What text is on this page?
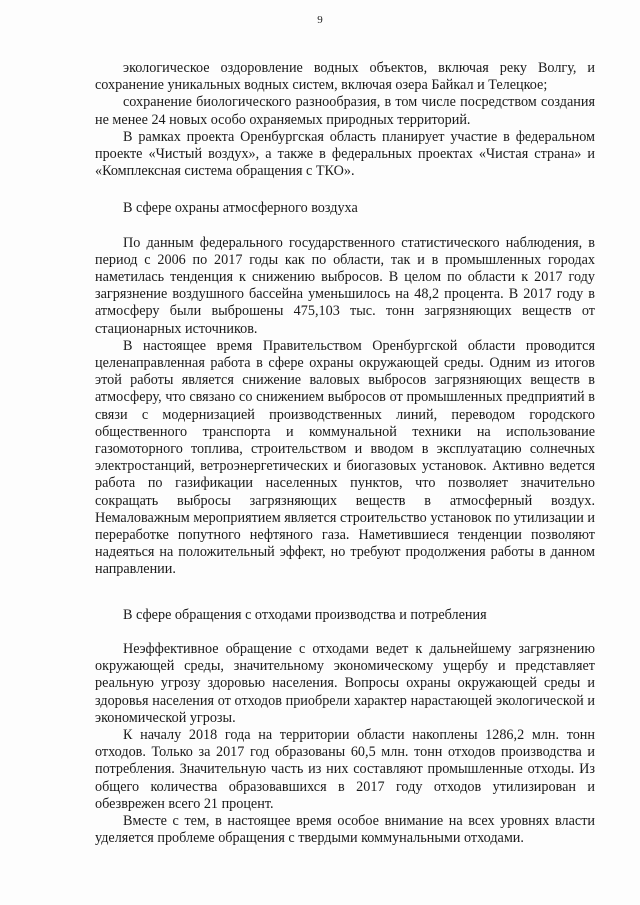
9

экологическое оздоровление водных объектов, включая реку Волгу, и сохранение уникальных водных систем, включая озера Байкал и Телецкое;

сохранение биологического разнообразия, в том числе посредством создания не менее 24 новых особо охраняемых природных территорий.

В рамках проекта Оренбургская область планирует участие в федеральном проекте «Чистый воздух», а также в федеральных проектах «Чистая страна» и «Комплексная система обращения с ТКО».

В сфере охраны атмосферного воздуха

По данным федерального государственного статистического наблюдения, в период с 2006 по 2017 годы как по области, так и в промышленных городах наметилась тенденция к снижению выбросов. В целом по области к 2017 году загрязнение воздушного бассейна уменьшилось на 48,2 процента. В 2017 году в атмосферу были выброшены 475,103 тыс. тонн загрязняющих веществ от стационарных источников.

В настоящее время Правительством Оренбургской области проводится целенаправленная работа в сфере охраны окружающей среды. Одним из итогов этой работы является снижение валовых выбросов загрязняющих веществ в атмосферу, что связано со снижением выбросов от промышленных предприятий в связи с модернизацией производственных линий, переводом городского общественного транспорта и коммунальной техники на использование газомоторного топлива, строительством и вводом в эксплуатацию солнечных электростанций, ветроэнергетических и биогазовых установок. Активно ведется работа по газификации населенных пунктов, что позволяет значительно сокращать выбросы загрязняющих веществ в атмосферный воздух. Немаловажным мероприятием является строительство установок по утилизации и переработке попутного нефтяного газа. Наметившиеся тенденции позволяют надеяться на положительный эффект, но требуют продолжения работы в данном направлении.

В сфере обращения с отходами производства и потребления

Неэффективное обращение с отходами ведет к дальнейшему загрязнению окружающей среды, значительному экономическому ущербу и представляет реальную угрозу здоровью населения. Вопросы охраны окружающей среды и здоровья населения от отходов приобрели характер нарастающей экологической и экономической угрозы.

К началу 2018 года на территории области накоплены 1286,2 млн. тонн отходов. Только за 2017 год образованы 60,5 млн. тонн отходов производства и потребления. Значительную часть из них составляют промышленные отходы. Из общего количества образовавшихся в 2017 году отходов утилизирован и обезврежен всего 21 процент.

Вместе с тем, в настоящее время особое внимание на всех уровнях власти уделяется проблеме обращения с твердыми коммунальными отходами.
